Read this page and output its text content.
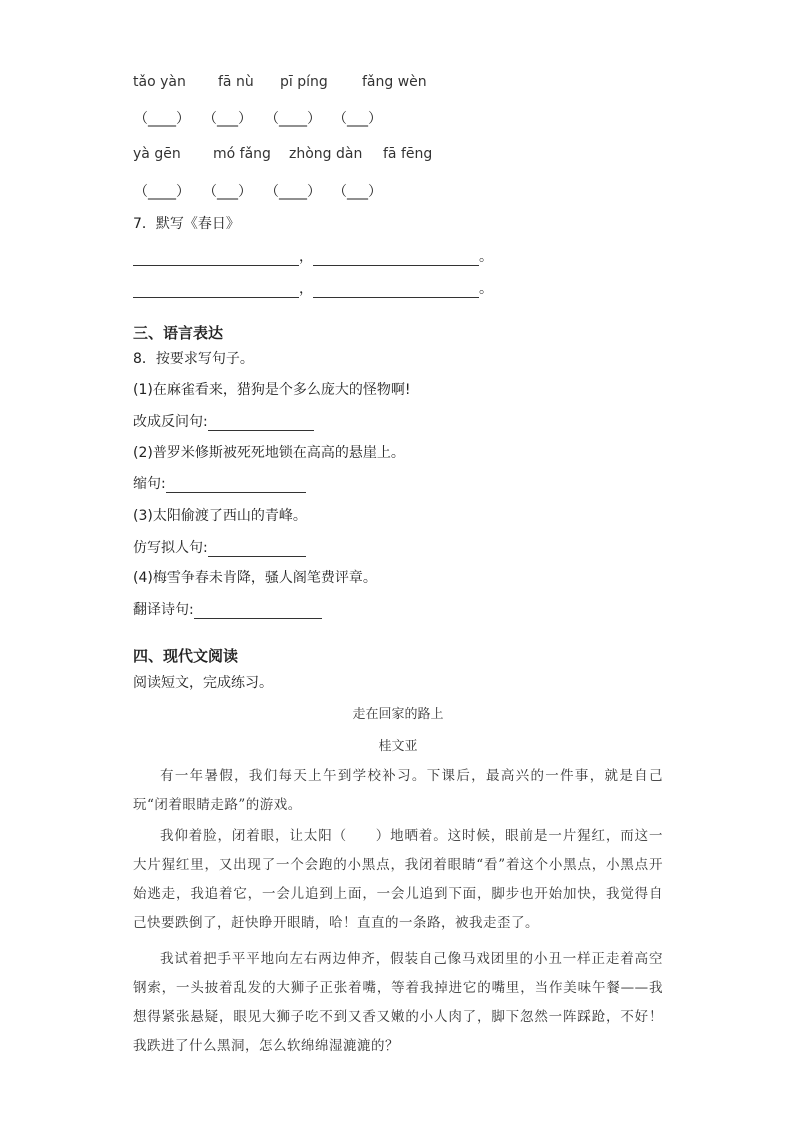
tǎo yàn fā nù pī píng fǎng wèn
（____） （___） （____） （___）
yà gēn mó fǎng zhòng dàn fā fēng
（____） （___） （____） （___）
7．默写《春日》
，	。
，	。
三、语言表达
8．按要求写句子。
(1)在麻雀看来，猎狗是个多么庞大的怪物啊!
改成反问句:
(2)普罗米修斯被死死地锁在高高的悬崖上。
缩句:
(3)太阳偷渡了西山的青峰。
仿写拟人句:
(4)梅雪争春未肯降，骚人阁笔费评章。
翻译诗句:
四、现代文阅读
阅读短文，完成练习。
走在回家的路上
桂文亚
有一年暑假，我们每天上午到学校补习。下课后，最高兴的一件事，就是自己玩“闭着眼睛走路”的游戏。
我仰着脸，闭着眼，让太阳（　　）地晒着。这时候，眼前是一片猩红，而这一大片猩红里，又出现了一个会跑的小黑点，我闭着眼睛“看”着这个小黑点，小黑点开始逃走，我追着它，一会儿追到上面，一会儿追到下面，脚步也开始加快，我觉得自己快要跌倒了，赶快睁开眼睛，哈！直直的一条路，被我走歪了。
我试着把手平平地向左右两边伸齐，假装自己像马戏团里的小丑一样正走着高空钢索，一头披着乱发的大狮子正张着嘴，等着我掉进它的嘴里，当作美味午餐——我想得紧张悬疑，眼见大狮子吃不到又香又嫩的小人肉了，脚下忽然一阵踩跄，不好！我跌进了什么黑洞，怎么软绵绵湿漉漉的？
